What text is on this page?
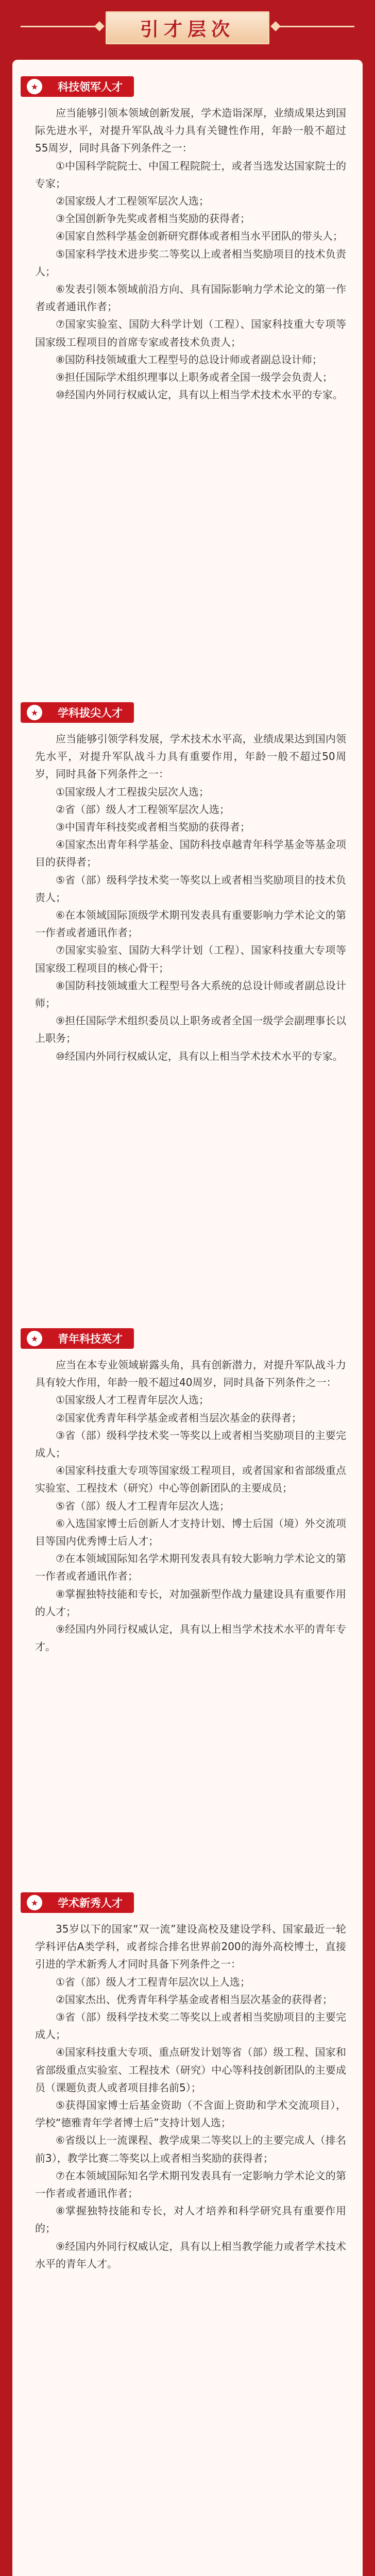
引才层次
★	科技领军人才

应当能够引领本领域创新发展，学术造诣深厚，业绩成果达到国际先进水平，对提升军队战斗力具有关键性作用，年龄一般不超过55周岁，同时具备下列条件之一：

①中国科学院院士、中国工程院院士，或者当选发达国家院士的专家；

②国家级人才工程领军层次人选；

③全国创新争先奖或者相当奖励的获得者；

④国家自然科学基金创新研究群体或者相当水平团队的带头人；

⑤国家科学技术进步奖二等奖以上或者相当奖励项目的技术负责人；

⑥发表引领本领域前沿方向、具有国际影响力学术论文的第一作者或者通讯作者；

⑦国家实验室、国防大科学计划（工程）、国家科技重大专项等国家级工程项目的首席专家或者技术负责人；

⑧国防科技领域重大工程型号的总设计师或者副总设计师；

⑨担任国际学术组织理事以上职务或者全国一级学会负责人；

⑩经国内外同行权威认定，具有以上相当学术技术水平的专家。

★	学科拔尖人才

应当能够引领学科发展，学术技术水平高，业绩成果达到国内领先水平，对提升军队战斗力具有重要作用，年龄一般不超过50周岁，同时具备下列条件之一：

①国家级人才工程拔尖层次人选；

②省（部）级人才工程领军层次人选；

③中国青年科技奖或者相当奖励的获得者；

④国家杰出青年科学基金、国防科技卓越青年科学基金等基金项目的获得者；

⑤省（部）级科学技术奖一等奖以上或者相当奖励项目的技术负责人；

⑥在本领域国际顶级学术期刊发表具有重要影响力学术论文的第一作者或者通讯作者；

⑦国家实验室、国防大科学计划（工程）、国家科技重大专项等国家级工程项目的核心骨干；

⑧国防科技领域重大工程型号各大系统的总设计师或者副总设计师；

⑨担任国际学术组织委员以上职务或者全国一级学会副理事长以上职务；

⑩经国内外同行权威认定，具有以上相当学术技术水平的专家。

★	青年科技英才

应当在本专业领域崭露头角，具有创新潜力，对提升军队战斗力具有较大作用，年龄一般不超过40周岁，同时具备下列条件之一：

①国家级人才工程青年层次人选；

②国家优秀青年科学基金或者相当层次基金的获得者；

③省（部）级科学技术奖一等奖以上或者相当奖励项目的主要完成人；

④国家科技重大专项等国家级工程项目，或者国家和省部级重点实验室、工程技术（研究）中心等创新团队的主要成员；

⑤省（部）级人才工程青年层次人选；

⑥入选国家博士后创新人才支持计划、博士后国（境）外交流项目等国内优秀博士后人才；

⑦在本领域国际知名学术期刊发表具有较大影响力学术论文的第一作者或者通讯作者；

⑧掌握独特技能和专长，对加强新型作战力量建设具有重要作用的人才；

⑨经国内外同行权威认定，具有以上相当学术技术水平的青年专才。

★	学术新秀人才

35岁以下的国家“双一流”建设高校及建设学科、国家最近一轮学科评估A类学科，或者综合排名世界前200的海外高校博士，直接引进的学术新秀人才同时具备下列条件之一：

①省（部）级人才工程青年层次以上人选；

②国家杰出、优秀青年科学基金或者相当层次基金的获得者；

③省（部）级科学技术奖二等奖以上或者相当奖励项目的主要完成人；

④国家科技重大专项、重点研发计划等省（部）级工程、国家和省部级重点实验室、工程技术（研究）中心等科技创新团队的主要成员（课题负责人或者项目排名前5）；

⑤获得国家博士后基金资助（不含面上资助和学术交流项目），学校“德雅青年学者博士后”支持计划人选；

⑥省级以上一流课程、教学成果二等奖以上的主要完成人（排名前3），教学比赛二等奖以上或者相当奖励的获得者；

⑦在本领域国际知名学术期刊发表具有一定影响力学术论文的第一作者或者通讯作者；

⑧掌握独特技能和专长，对人才培养和科学研究具有重要作用的；

⑨经国内外同行权威认定，具有以上相当教学能力或者学术技术水平的青年人才。
